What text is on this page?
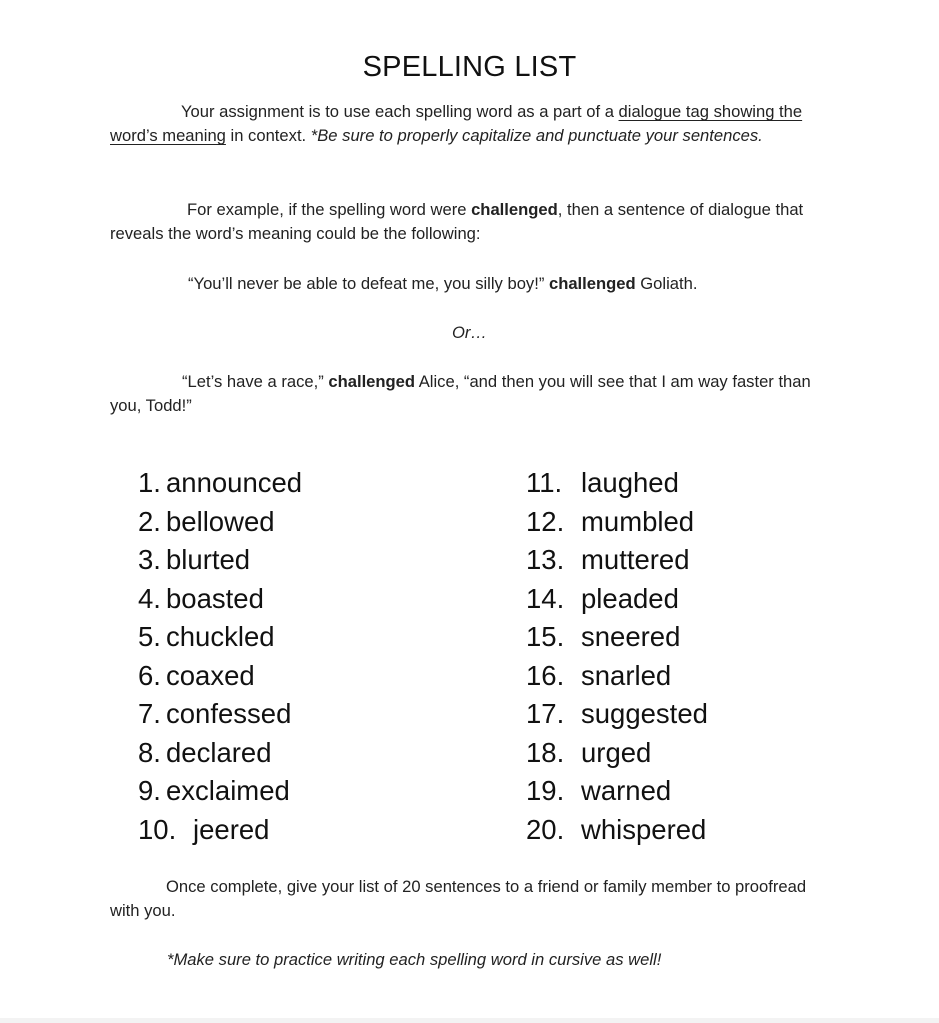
SPELLING LIST
Your assignment is to use each spelling word as a part of a dialogue tag showing the word’s meaning in context. *Be sure to properly capitalize and punctuate your sentences.
For example, if the spelling word were challenged, then a sentence of dialogue that reveals the word’s meaning could be the following:
“You’ll never be able to defeat me, you silly boy!” challenged Goliath.
Or…
“Let’s have a race,” challenged Alice, “and then you will see that I am way faster than you, Todd!”
1. announced
2. bellowed
3. blurted
4. boasted
5. chuckled
6. coaxed
7. confessed
8. declared
9. exclaimed
10. jeered
11. laughed
12. mumbled
13. muttered
14. pleaded
15. sneered
16. snarled
17. suggested
18. urged
19. warned
20. whispered
Once complete, give your list of 20 sentences to a friend or family member to proofread with you.
*Make sure to practice writing each spelling word in cursive as well!
